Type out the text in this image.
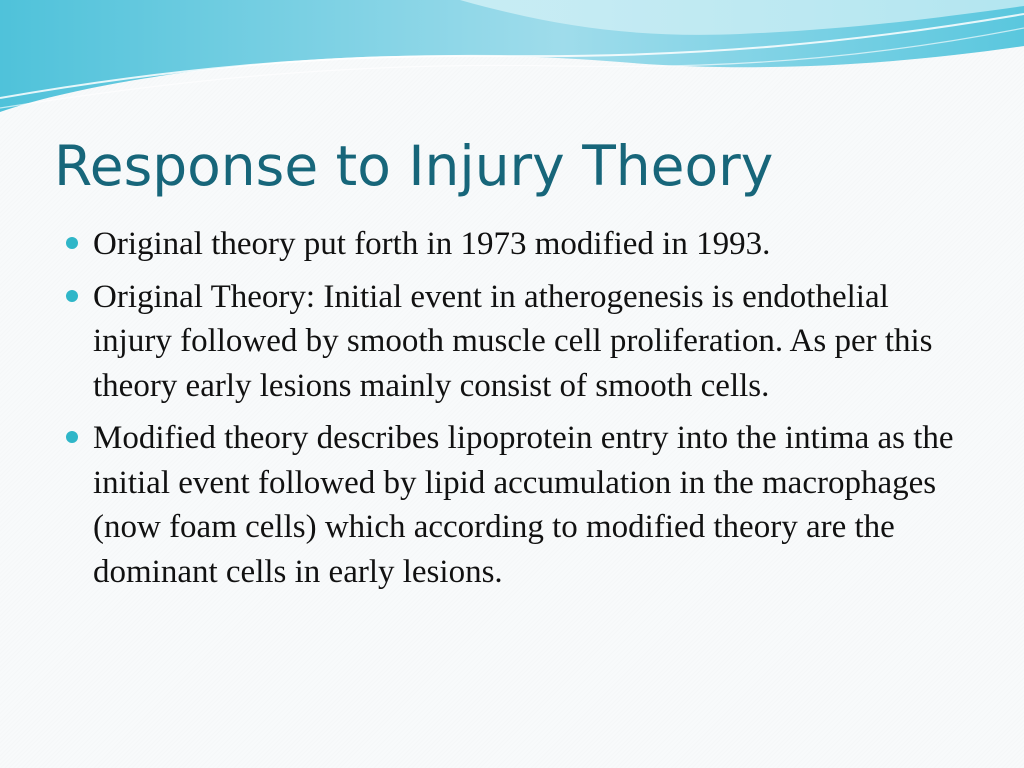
Response to Injury Theory
Original theory put forth in 1973 modified in 1993.
Original Theory: Initial event in atherogenesis is endothelial injury followed by smooth muscle cell proliferation. As per this theory early lesions mainly consist of smooth cells.
Modified theory describes lipoprotein entry into the intima as the initial event followed by lipid accumulation in the macrophages (now foam cells) which according to modified theory are the dominant cells in early lesions.
